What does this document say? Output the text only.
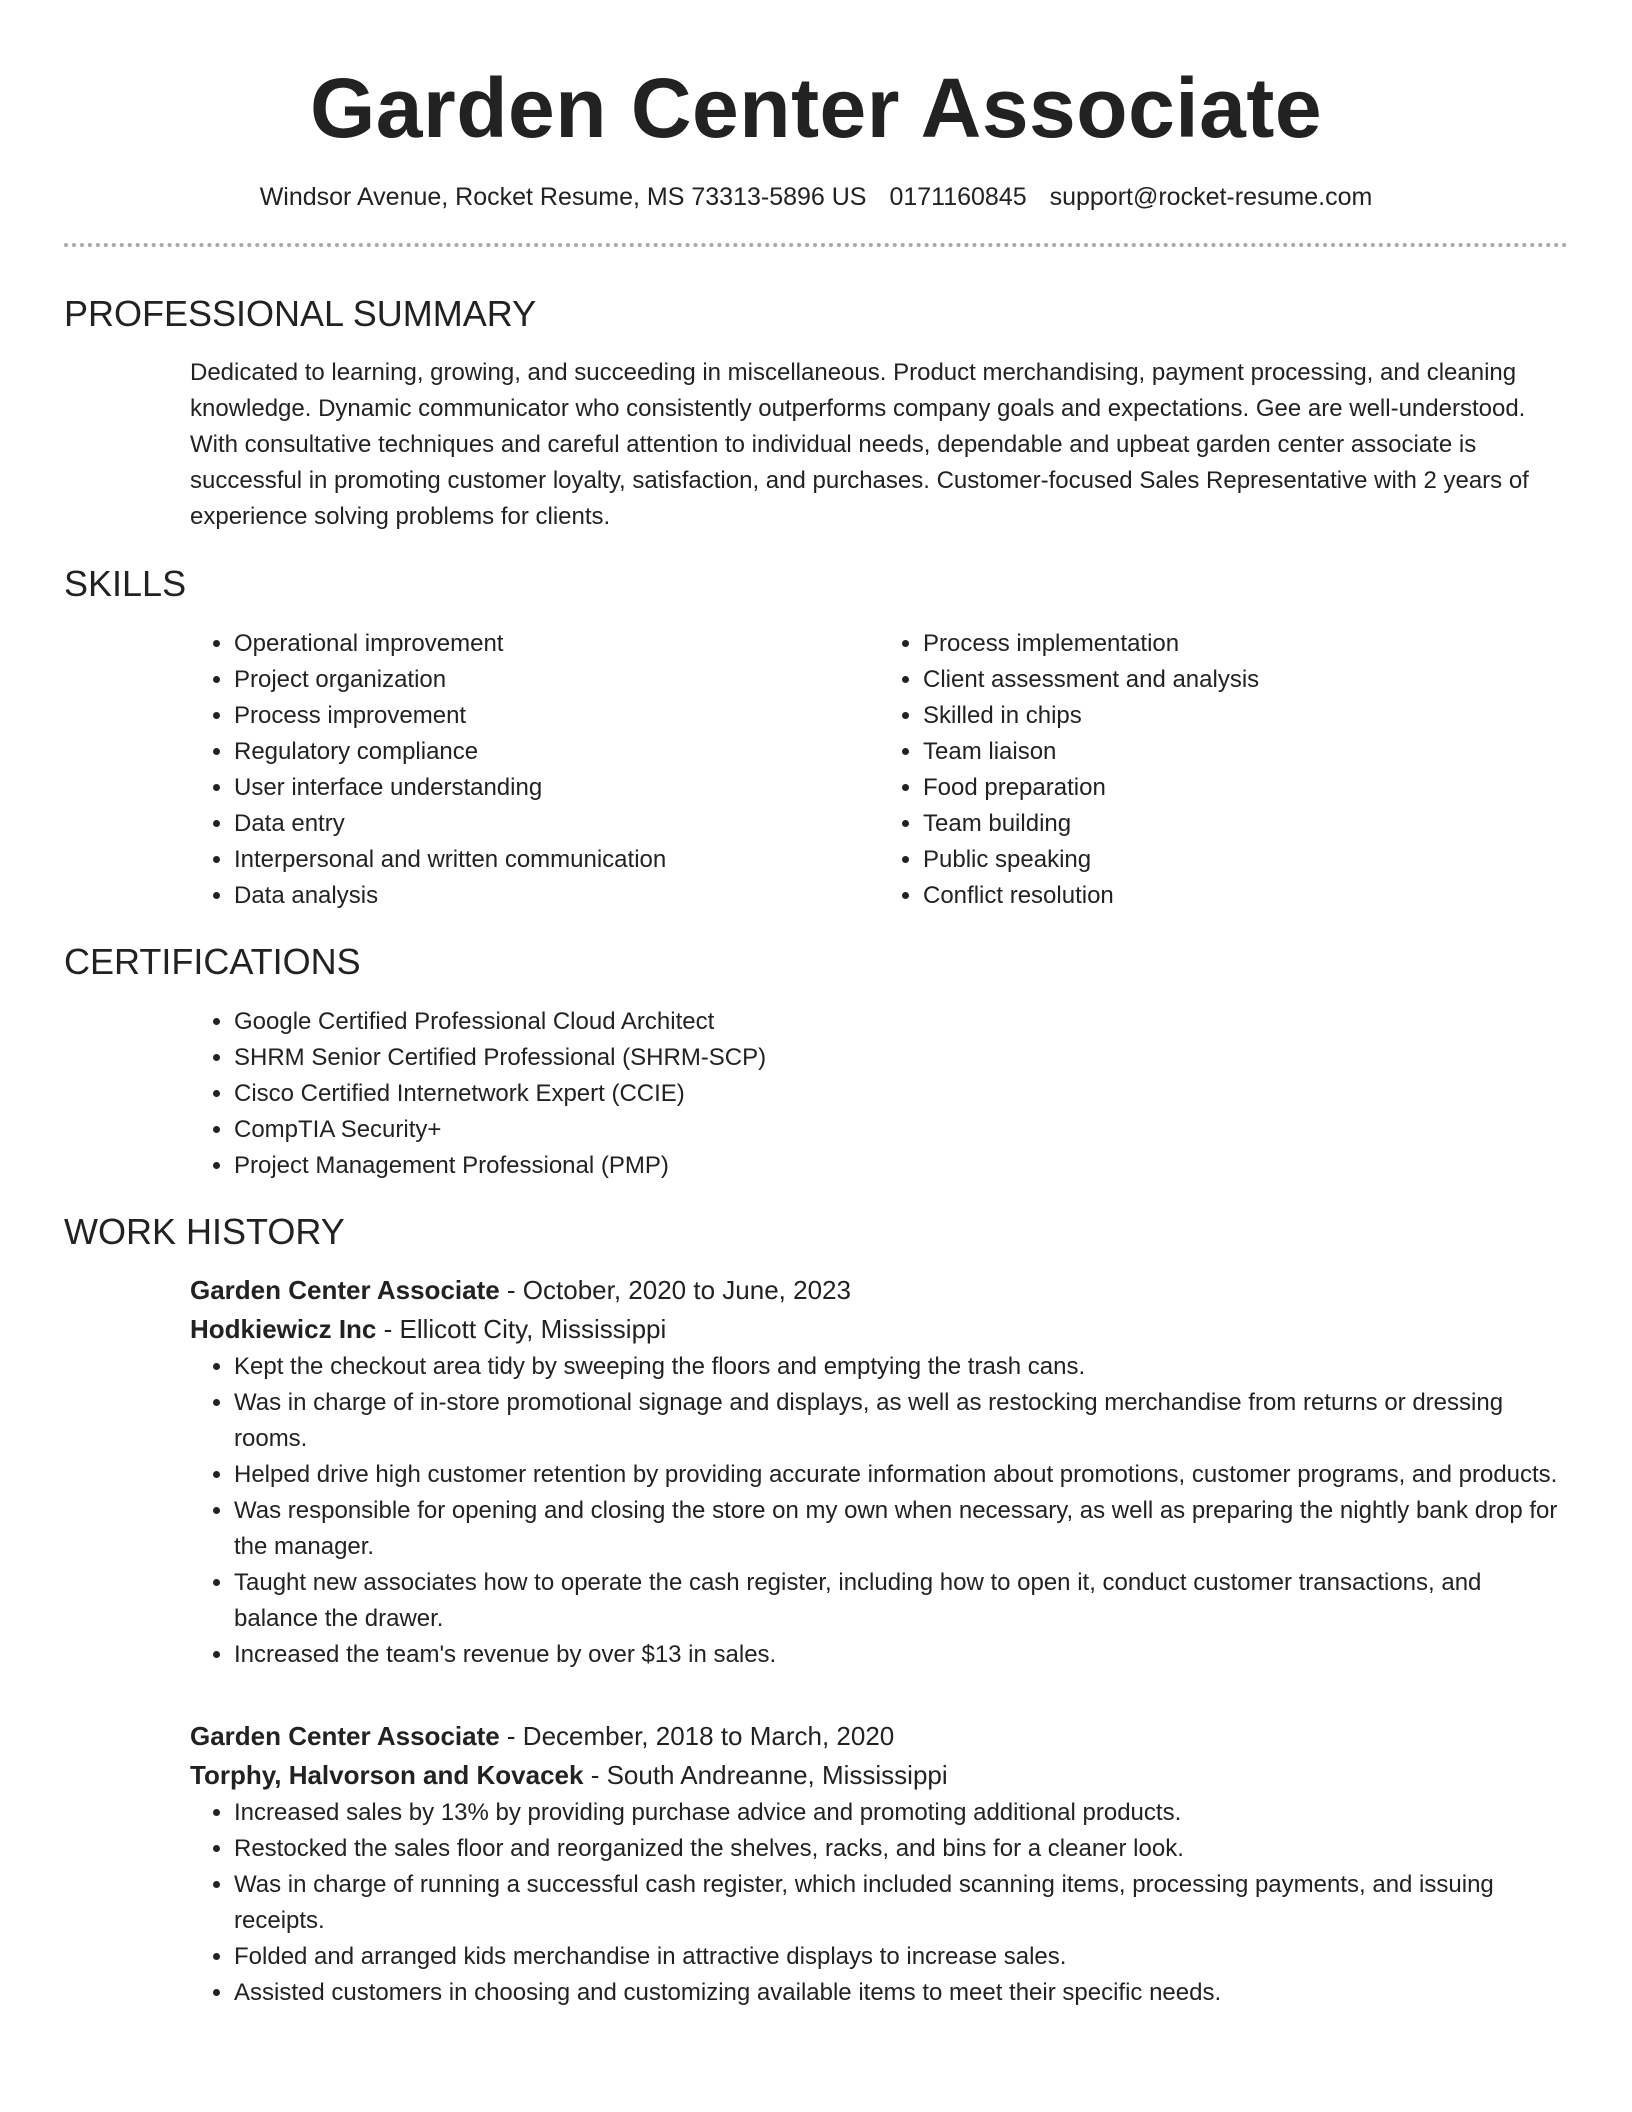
Garden Center Associate
Windsor Avenue, Rocket Resume, MS 73313-5896 US 0171160845 support@rocket-resume.com
PROFESSIONAL SUMMARY
Dedicated to learning, growing, and succeeding in miscellaneous. Product merchandising, payment processing, and cleaning knowledge. Dynamic communicator who consistently outperforms company goals and expectations. Gee are well-understood. With consultative techniques and careful attention to individual needs, dependable and upbeat garden center associate is successful in promoting customer loyalty, satisfaction, and purchases. Customer-focused Sales Representative with 2 years of experience solving problems for clients.
SKILLS
• Operational improvement
• Project organization
• Process improvement
• Regulatory compliance
• User interface understanding
• Data entry
• Interpersonal and written communication
• Data analysis
• Process implementation
• Client assessment and analysis
• Skilled in chips
• Team liaison
• Food preparation
• Team building
• Public speaking
• Conflict resolution
CERTIFICATIONS
• Google Certified Professional Cloud Architect
• SHRM Senior Certified Professional (SHRM-SCP)
• Cisco Certified Internetwork Expert (CCIE)
• CompTIA Security+
• Project Management Professional (PMP)
WORK HISTORY
Garden Center Associate - October, 2020 to June, 2023
Hodkiewicz Inc - Ellicott City, Mississippi
• Kept the checkout area tidy by sweeping the floors and emptying the trash cans.
• Was in charge of in-store promotional signage and displays, as well as restocking merchandise from returns or dressing rooms.
• Helped drive high customer retention by providing accurate information about promotions, customer programs, and products.
• Was responsible for opening and closing the store on my own when necessary, as well as preparing the nightly bank drop for the manager.
• Taught new associates how to operate the cash register, including how to open it, conduct customer transactions, and balance the drawer.
• Increased the team's revenue by over $13 in sales.
Garden Center Associate - December, 2018 to March, 2020
Torphy, Halvorson and Kovacek - South Andreanne, Mississippi
• Increased sales by 13% by providing purchase advice and promoting additional products.
• Restocked the sales floor and reorganized the shelves, racks, and bins for a cleaner look.
• Was in charge of running a successful cash register, which included scanning items, processing payments, and issuing receipts.
• Folded and arranged kids merchandise in attractive displays to increase sales.
• Assisted customers in choosing and customizing available items to meet their specific needs.
